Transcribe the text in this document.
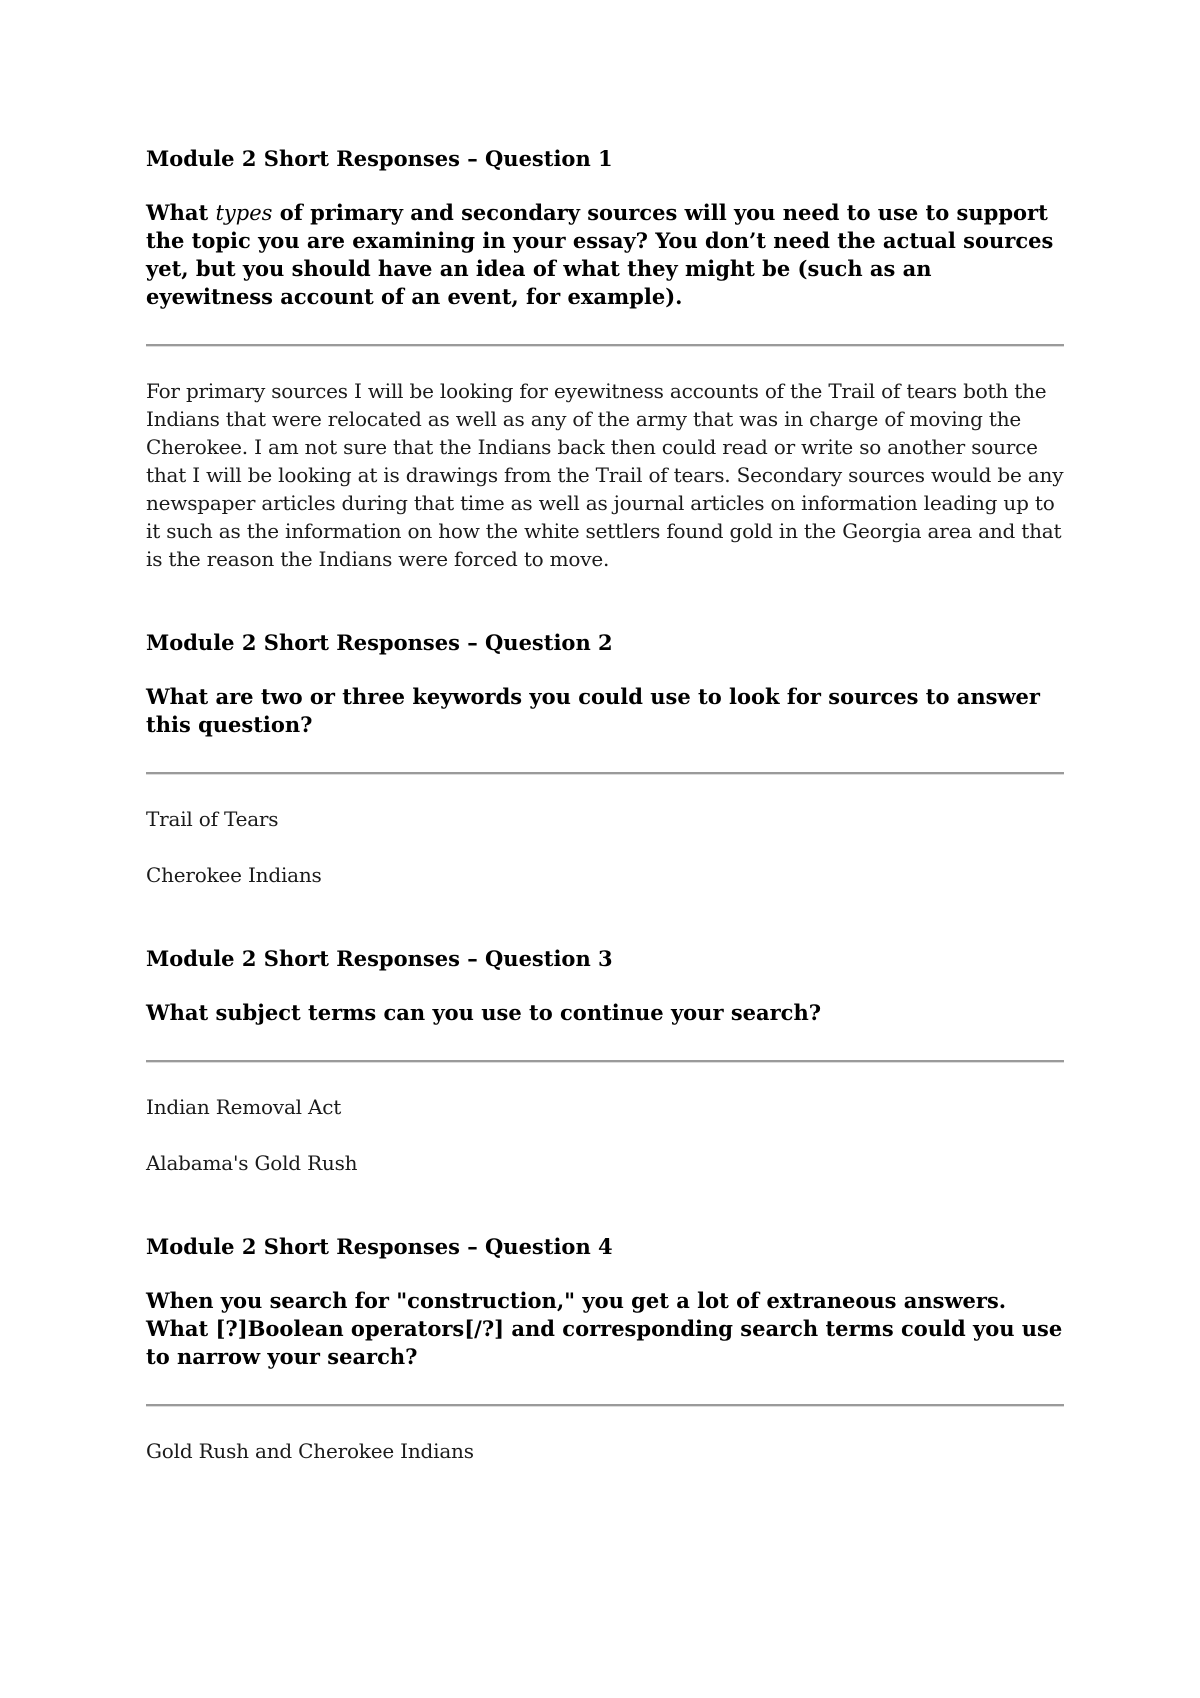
Module 2 Short Responses – Question 1

What types of primary and secondary sources will you need to use to support the topic you are examining in your essay? You don’t need the actual sources yet, but you should have an idea of what they might be (such as an eyewitness account of an event, for example).

For primary sources I will be looking for eyewitness accounts of the Trail of tears both the Indians that were relocated as well as any of the army that was in charge of moving the Cherokee. I am not sure that the Indians back then could read or write so another source that I will be looking at is drawings from the Trail of tears. Secondary sources would be any newspaper articles during that time as well as journal articles on information leading up to it such as the information on how the white settlers found gold in the Georgia area and that is the reason the Indians were forced to move.

Module 2 Short Responses – Question 2

What are two or three keywords you could use to look for sources to answer this question?

Trail of Tears

Cherokee Indians

Module 2 Short Responses – Question 3

What subject terms can you use to continue your search?

Indian Removal Act

Alabama's Gold Rush

Module 2 Short Responses – Question 4

When you search for "construction," you get a lot of extraneous answers. What [?]Boolean operators[/?] and corresponding search terms could you use to narrow your search?

Gold Rush and Cherokee Indians
